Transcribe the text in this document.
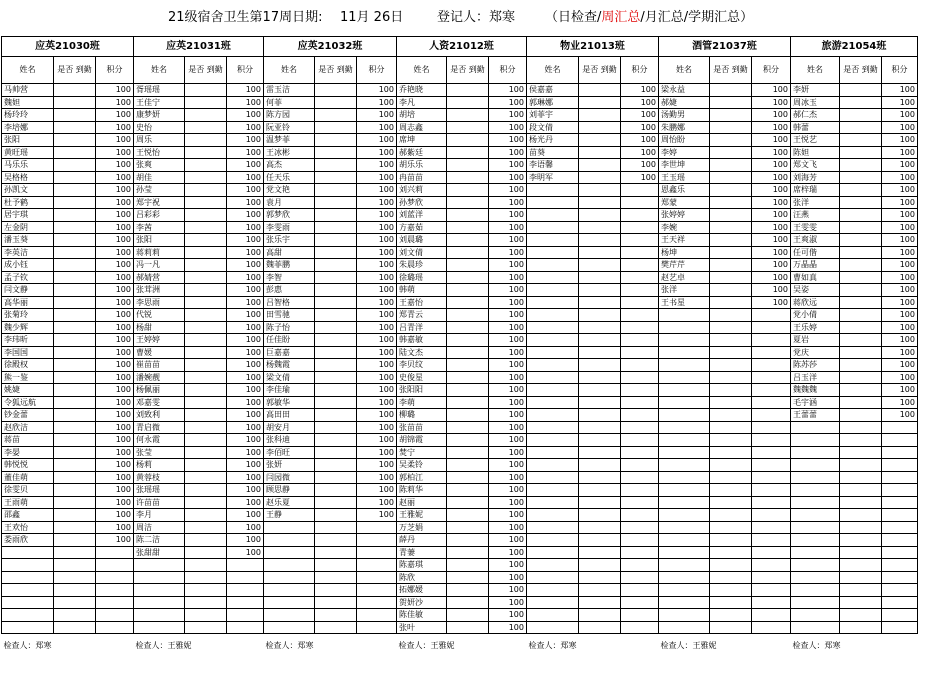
21级宿舍卫生第17周日期: 11月 26日	登记人：郑寒 （日检查/周汇总/月汇总/学期汇总）
应英21030班			应英21031班			应英21032班			人资21012班			物业21013班			酒管21037班			旅游21054班		
姓名	是否 到勤	积分	姓名	是否 到勤	积分	姓名	是否 到勤	积分	姓名	是否 到勤	积分	姓名	是否 到勤	积分	姓名	是否 到勤	积分	姓名	是否 到勤	积分
马帅营		100	胥瑶瑶		100	雷玉洁		100	乔艳晓		100	侯嘉嘉		100	梁永益		100	李妍		100
魏妲		100	王佳宁		100	何菲		100	李凡		100	郭琳娜		100	郝婕		100	周冰玉		100
杨玲玲		100	康梦妍		100	陈方园		100	胡培		100	刘菲宇		100	汤勤男		100	郝仁杰		100
李培娜		100	史怡		100	阮亚铃		100	周志鑫		100	段文倩		100	朱鹏娜		100	韩蕾		100
张阳		100	周乐		100	温梦菲		100	席坤		100	杨光丹		100	周怡盼		100	王悦艺		100
黄旺瑶		100	王悦怡		100	王冰彬		100	郝紫廷		100	苗葵		100	李婷		100	陈妲		100
马乐乐		100	张爽		100	高杰		100	胡乐乐		100	李语馨		100	李世坤		100	郑文飞		100
吴格格		100	胡佳		100	任天乐		100	冉苗苗		100	李明军		100	王玉瑶		100	刘海芳		100
孙凯文		100	孙莹		100	党文艳		100	刘兴莉		100				恩鑫乐		100	席梓瑞		100
杜予鹤		100	郑宇祝		100	袁月		100	孙梦欣		100				郑蒙		100	张洋		100
居宇琪		100	吕彩彩		100	郭梦欣		100	刘蓝洋		100				张婷婷		100	汪燕		100
左金阴		100	李茜		100	李雯雨		100	方嘉茹		100				李婉		100	王雯雯		100
潘玉葵		100	张阳		100	张乐宇		100	刘晨璐		100				王天祥		100	王爽淑		100
李英洁		100	蒋莉莉		100	高甜		100	刘文倩		100				杨坤		100	任可偕		100
成小钰		100	冯一凡		100	魏菲鹏		100	朱晨珍		100				樊芹芹		100	万晶晶		100
孟子钦		100	郝婧营		100	李智		100	徐璐瑶		100				赵艺卓		100	曹如真		100
闫文静		100	张茸洲		100	彭惠		100	韩萌		100				张洋		100	吴姿		100
高华丽		100	李思雨		100	吕智格		100	王嘉怡		100				王书星		100	蒋欣远		100
张菊玲		100	代锐		100	田雪驰		100	郑青云		100							党小倩		100
魏少辉		100	杨甜		100	陈子怡		100	吕青洋		100							王乐婷		100
李玮昕		100	王婷婷		100	任佳盼		100	韩嘉敏		100							夏岩		100
李国国		100	曹媛		100	巨嘉嘉		100	陆文杰		100							党庆		100
徐殿权		100	崔苗苗		100	杨魏霞		100	李贝纹		100							陈苏莎		100
熊一鉴		100	潘婉靓		100	梁文倩		100	史俊星		100							吕玉洋		100
姚婕		100	杨佩丽		100	李佳瑜		100	张阳阳		100							魏魏魏		100
令狐远航		100	邓嘉雯		100	郭敏华		100	李萌		100							毛宇涵		100
钞金蕾		100	刘致利		100	高田田		100	柳璐		100							王蕾蕾		100
赵欣洁		100	青启微		100	胡安月		100	张苗苗		100									
蒋苗		100	何永霞		100	张科迪		100	胡锦霞		100									
李晏		100	张莹		100	李佰旺		100	焚宁		100									
韩悦悦		100	杨莉		100	张妍		100	吴柔铃		100									
董佳萌		100	黄蓉枝		100	闫园微		100	郭柏江		100									
徐雯贝		100	张瑶瑶		100	顾思静		100	陈莉华		100									
王雨萌		100	许苗苗		100	赵乐夏		100	赵丽		100									
邵鑫		100	李月		100	王静		100	王雅妮		100									
王欢怡		100	周洁		100				万芝娟		100									
娄雨欣		100	陈二洁		100				薛丹		100									
			张甜甜		100				青萋		100									
									陈嘉琪		100									
									陈欣		100									
									拓娜媛		100									
									贺妍沙		100									
									陈佳敏		100									
									张叶		100									
检查人：郑寒			检查人：王雅妮			检查人：郑寒			检查人：王雅妮			检查人：郑寒			检查人：王雅妮			检查人：郑寒		
